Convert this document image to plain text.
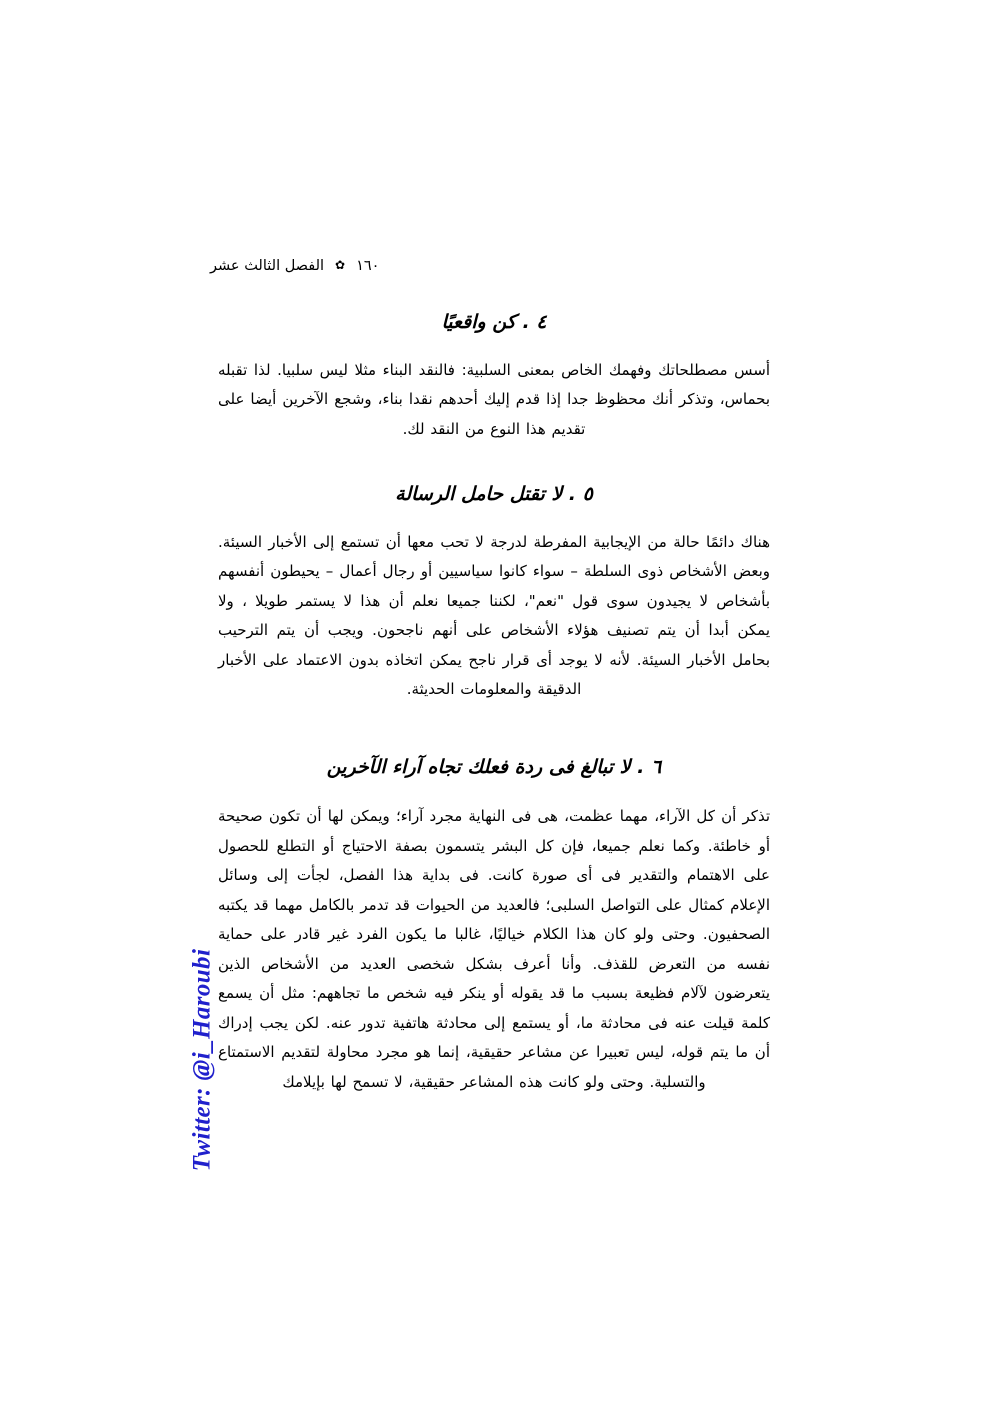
١٦٠
✿
الفصل الثالث عشر
٤ . كن واقعيًا

أسس مصطلحاتك وفهمك الخاص بمعنى السلبية: فالنقد البناء مثلا ليس سلبيا. لذا تقبله بحماس، وتذكر أنك محظوظ جدا إذا قدم إليك أحدهم نقدا بناء، وشجع الآخرين أيضا على تقديم هذا النوع من النقد لك.

٥ . لا تقتل حامل الرسالة

هناك دائمًا حالة من الإيجابية المفرطة لدرجة لا تحب معها أن تستمع إلى الأخبار السيئة. وبعض الأشخاص ذوى السلطة – سواء كانوا سياسيين أو رجال أعمال – يحيطون أنفسهم بأشخاص لا يجيدون سوى قول "نعم"، لكننا جميعا نعلم أن هذا لا يستمر طويلا ، ولا يمكن أبدا أن يتم تصنيف هؤلاء الأشخاص على أنهم ناجحون. ويجب أن يتم الترحيب بحامل الأخبار السيئة. لأنه لا يوجد أى قرار ناجح يمكن اتخاذه بدون الاعتماد على الأخبار الدقيقة والمعلومات الحديثة.

٦ . لا تبالغ فى ردة فعلك تجاه آراء الآخرين

تذكر أن كل الآراء، مهما عظمت، هى فى النهاية مجرد آراء؛ ويمكن لها أن تكون صحيحة أو خاطئة. وكما نعلم جميعا، فإن كل البشر يتسمون بصفة الاحتياج أو التطلع للحصول على الاهتمام والتقدير فى أى صورة كانت. فى بداية هذا الفصل، لجأت إلى وسائل الإعلام كمثال على التواصل السلبى؛ فالعديد من الحيوات قد تدمر بالكامل مهما قد يكتبه الصحفيون. وحتى ولو كان هذا الكلام خياليًا، غالبا ما يكون الفرد غير قادر على حماية نفسه من التعرض للقذف. وأنا أعرف بشكل شخصى العديد من الأشخاص الذين يتعرضون لآلام فظيعة بسبب ما قد يقوله أو ينكر فيه شخص ما تجاههم: مثل أن يسمع كلمة قيلت عنه فى محادثة ما، أو يستمع إلى محادثة هاتفية تدور عنه. لكن يجب إدراك أن ما يتم قوله، ليس تعبيرا عن مشاعر حقيقية، إنما هو مجرد محاولة لتقديم الاستمتاع والتسلية. وحتى ولو كانت هذه المشاعر حقيقية، لا تسمح لها بإيلامك

Twitter: @i_Haroubi
